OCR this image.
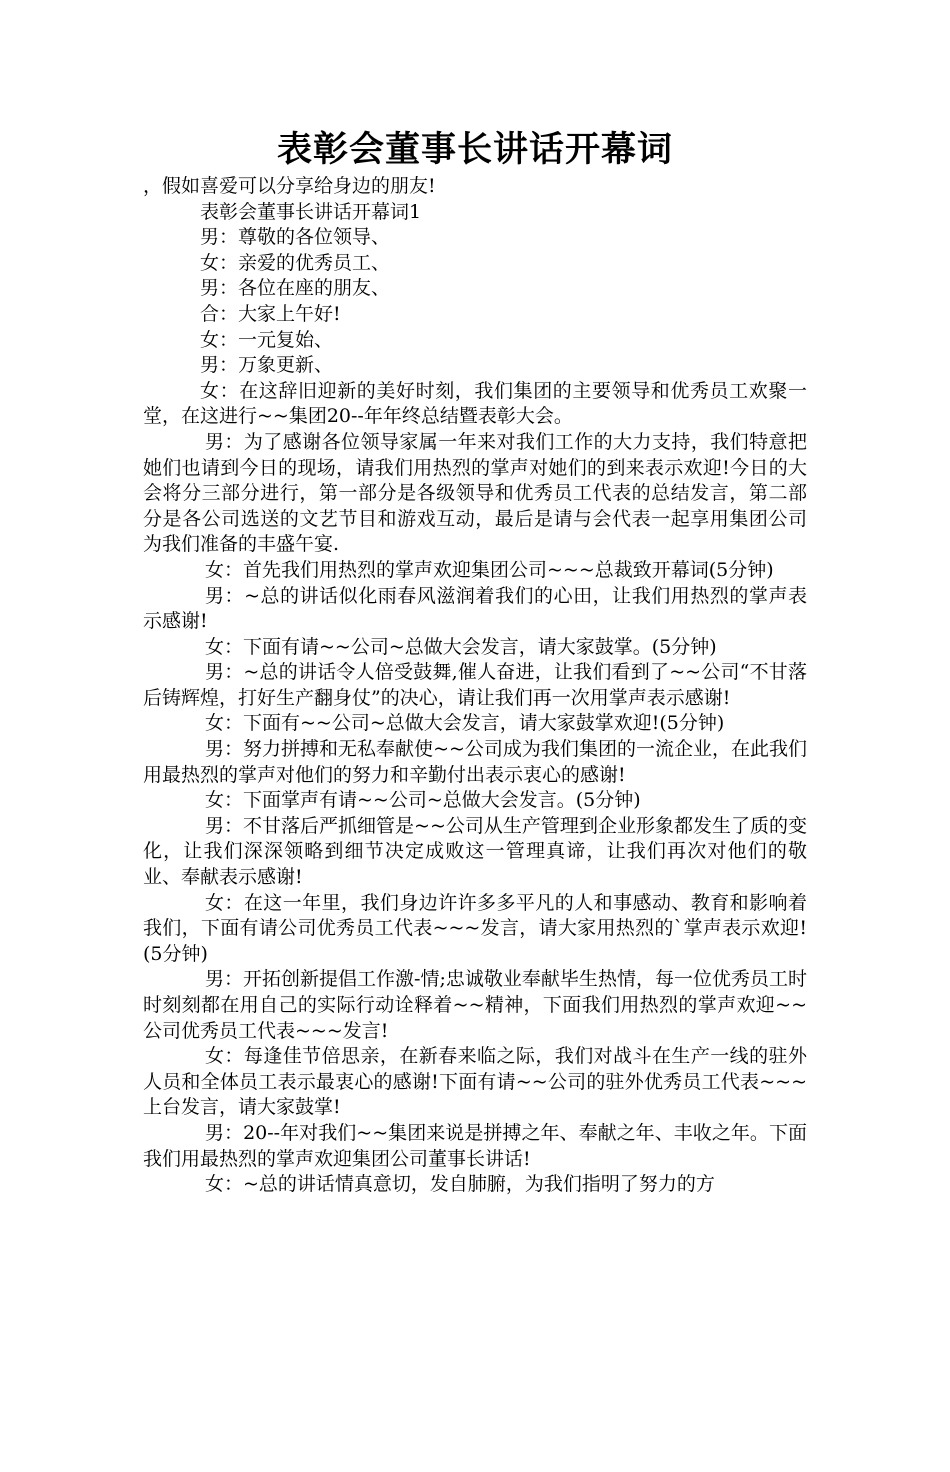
表彰会董事长讲话开幕词

，假如喜爱可以分享给身边的朋友!

表彰会董事长讲话开幕词1

男：尊敬的各位领导、

女：亲爱的优秀员工、

男：各位在座的朋友、

合：大家上午好!

女：一元复始、

男：万象更新、

女：在这辞旧迎新的美好时刻，我们集团的主要领导和优秀员工欢聚一堂，在这进行~~集团20--年年终总结暨表彰大会。

男：为了感谢各位领导家属一年来对我们工作的大力支持，我们特意把她们也请到今日的现场，请我们用热烈的掌声对她们的到来表示欢迎!今日的大会将分三部分进行，第一部分是各级领导和优秀员工代表的总结发言，第二部分是各公司选送的文艺节目和游戏互动，最后是请与会代表一起享用集团公司为我们准备的丰盛午宴.

女：首先我们用热烈的掌声欢迎集团公司~~~总裁致开幕词(5分钟)

男：~总的讲话似化雨春风滋润着我们的心田，让我们用热烈的掌声表示感谢!

女：下面有请~~公司~总做大会发言，请大家鼓掌。(5分钟)

男：~总的讲话令人倍受鼓舞,催人奋进，让我们看到了~~公司“不甘落后铸辉煌，打好生产翻身仗”的决心，请让我们再一次用掌声表示感谢!

女：下面有~~公司~总做大会发言，请大家鼓掌欢迎!(5分钟)

男：努力拼搏和无私奉献使~~公司成为我们集团的一流企业，在此我们用最热烈的掌声对他们的努力和辛勤付出表示衷心的感谢!

女：下面掌声有请~~公司~总做大会发言。(5分钟)

男：不甘落后严抓细管是~~公司从生产管理到企业形象都发生了质的变化，让我们深深领略到细节决定成败这一管理真谛，让我们再次对他们的敬业、奉献表示感谢!

女：在这一年里，我们身边许许多多平凡的人和事感动、教育和影响着我们，下面有请公司优秀员工代表~~~发言，请大家用热烈的`掌声表示欢迎!(5分钟)

男：开拓创新提倡工作激-情;忠诚敬业奉献毕生热情，每一位优秀员工时时刻刻都在用自己的实际行动诠释着~~精神，下面我们用热烈的掌声欢迎~~公司优秀员工代表~~~发言!

女：每逢佳节倍思亲，在新春来临之际，我们对战斗在生产一线的驻外人员和全体员工表示最衷心的感谢!下面有请~~公司的驻外优秀员工代表~~~上台发言，请大家鼓掌!

男：20--年对我们~~集团来说是拼搏之年、奉献之年、丰收之年。下面我们用最热烈的掌声欢迎集团公司董事长讲话!

女：~总的讲话情真意切，发自肺腑，为我们指明了努力的方
